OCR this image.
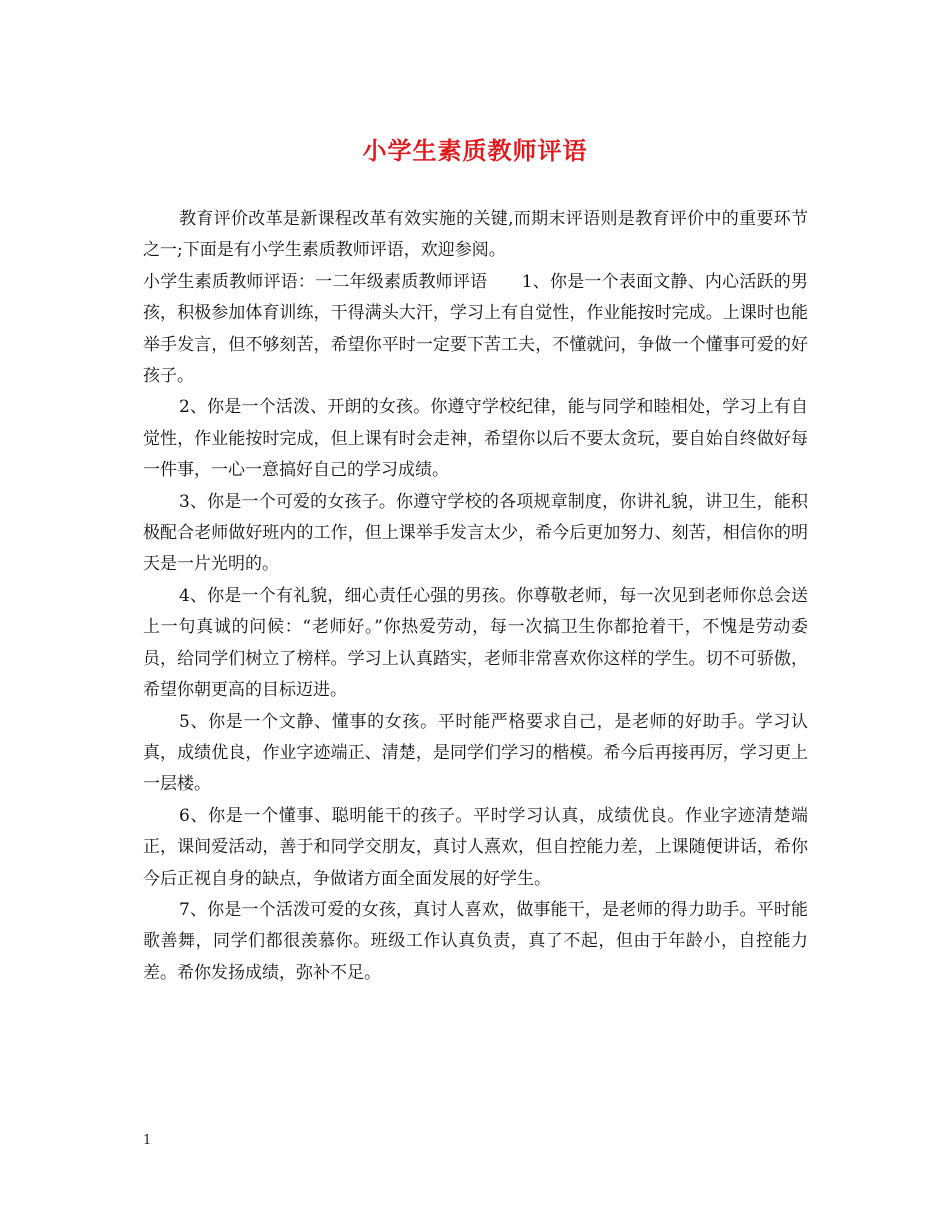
小学生素质教师评语

教育评价改革是新课程改革有效实施的关键,而期末评语则是教育评价中的重要环节之一;下面是有小学生素质教师评语，欢迎参阅。

小学生素质教师评语：一二年级素质教师评语　　1、你是一个表面文静、内心活跃的男孩，积极参加体育训练，干得满头大汗，学习上有自觉性，作业能按时完成。上课时也能举手发言，但不够刻苦，希望你平时一定要下苦工夫，不懂就问，争做一个懂事可爱的好孩子。

2、你是一个活泼、开朗的女孩。你遵守学校纪律，能与同学和睦相处，学习上有自觉性，作业能按时完成，但上课有时会走神，希望你以后不要太贪玩，要自始自终做好每一件事，一心一意搞好自己的学习成绩。

3、你是一个可爱的女孩子。你遵守学校的各项规章制度，你讲礼貌，讲卫生，能积极配合老师做好班内的工作，但上课举手发言太少，希今后更加努力、刻苦，相信你的明天是一片光明的。

4、你是一个有礼貌，细心责任心强的男孩。你尊敬老师，每一次见到老师你总会送上一句真诚的问候：“老师好。”你热爱劳动，每一次搞卫生你都抢着干，不愧是劳动委员，给同学们树立了榜样。学习上认真踏实，老师非常喜欢你这样的学生。切不可骄傲，希望你朝更高的目标迈进。

5、你是一个文静、懂事的女孩。平时能严格要求自己，是老师的好助手。学习认真，成绩优良，作业字迹端正、清楚，是同学们学习的楷模。希今后再接再厉，学习更上一层楼。

6、你是一个懂事、聪明能干的孩子。平时学习认真，成绩优良。作业字迹清楚端正，课间爱活动，善于和同学交朋友，真讨人熹欢，但自控能力差，上课随便讲话，希你今后正视自身的缺点，争做诸方面全面发展的好学生。

7、你是一个活泼可爱的女孩，真讨人喜欢，做事能干，是老师的得力助手。平时能歌善舞，同学们都很羡慕你。班级工作认真负责，真了不起，但由于年龄小，自控能力差。希你发扬成绩，弥补不足。

1
